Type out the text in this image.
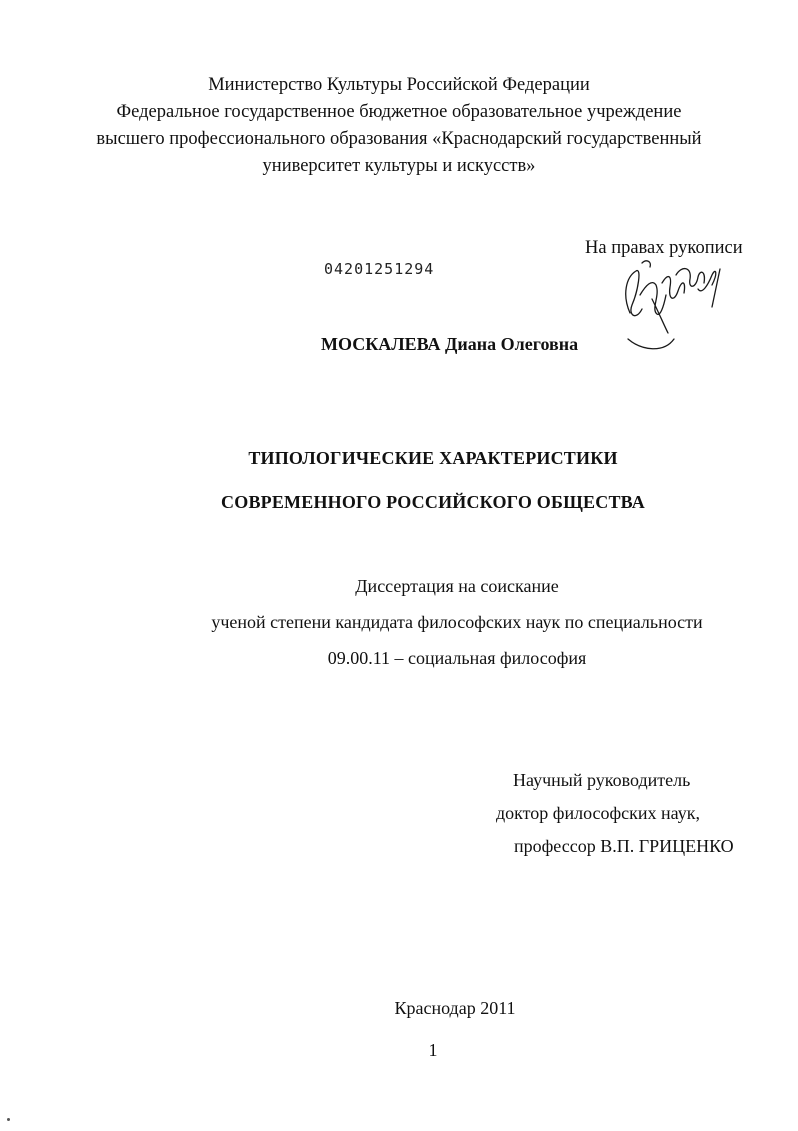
Министерство Культуры Российской Федерации
Федеральное государственное бюджетное образовательное учреждение
высшего профессионального образования «Краснодарский государственный
университет культуры и искусств»
На правах рукописи
04201251294
МОСКАЛЕВА Диана Олеговна
ТИПОЛОГИЧЕСКИЕ ХАРАКТЕРИСТИКИ
СОВРЕМЕННОГО РОССИЙСКОГО ОБЩЕСТВА
Диссертация на соискание
ученой степени кандидата философских наук по специальности
09.00.11 – социальная философия
Научный руководитель
доктор философских наук,
профессор В.П. ГРИЦЕНКО
Краснодар 2011
1
